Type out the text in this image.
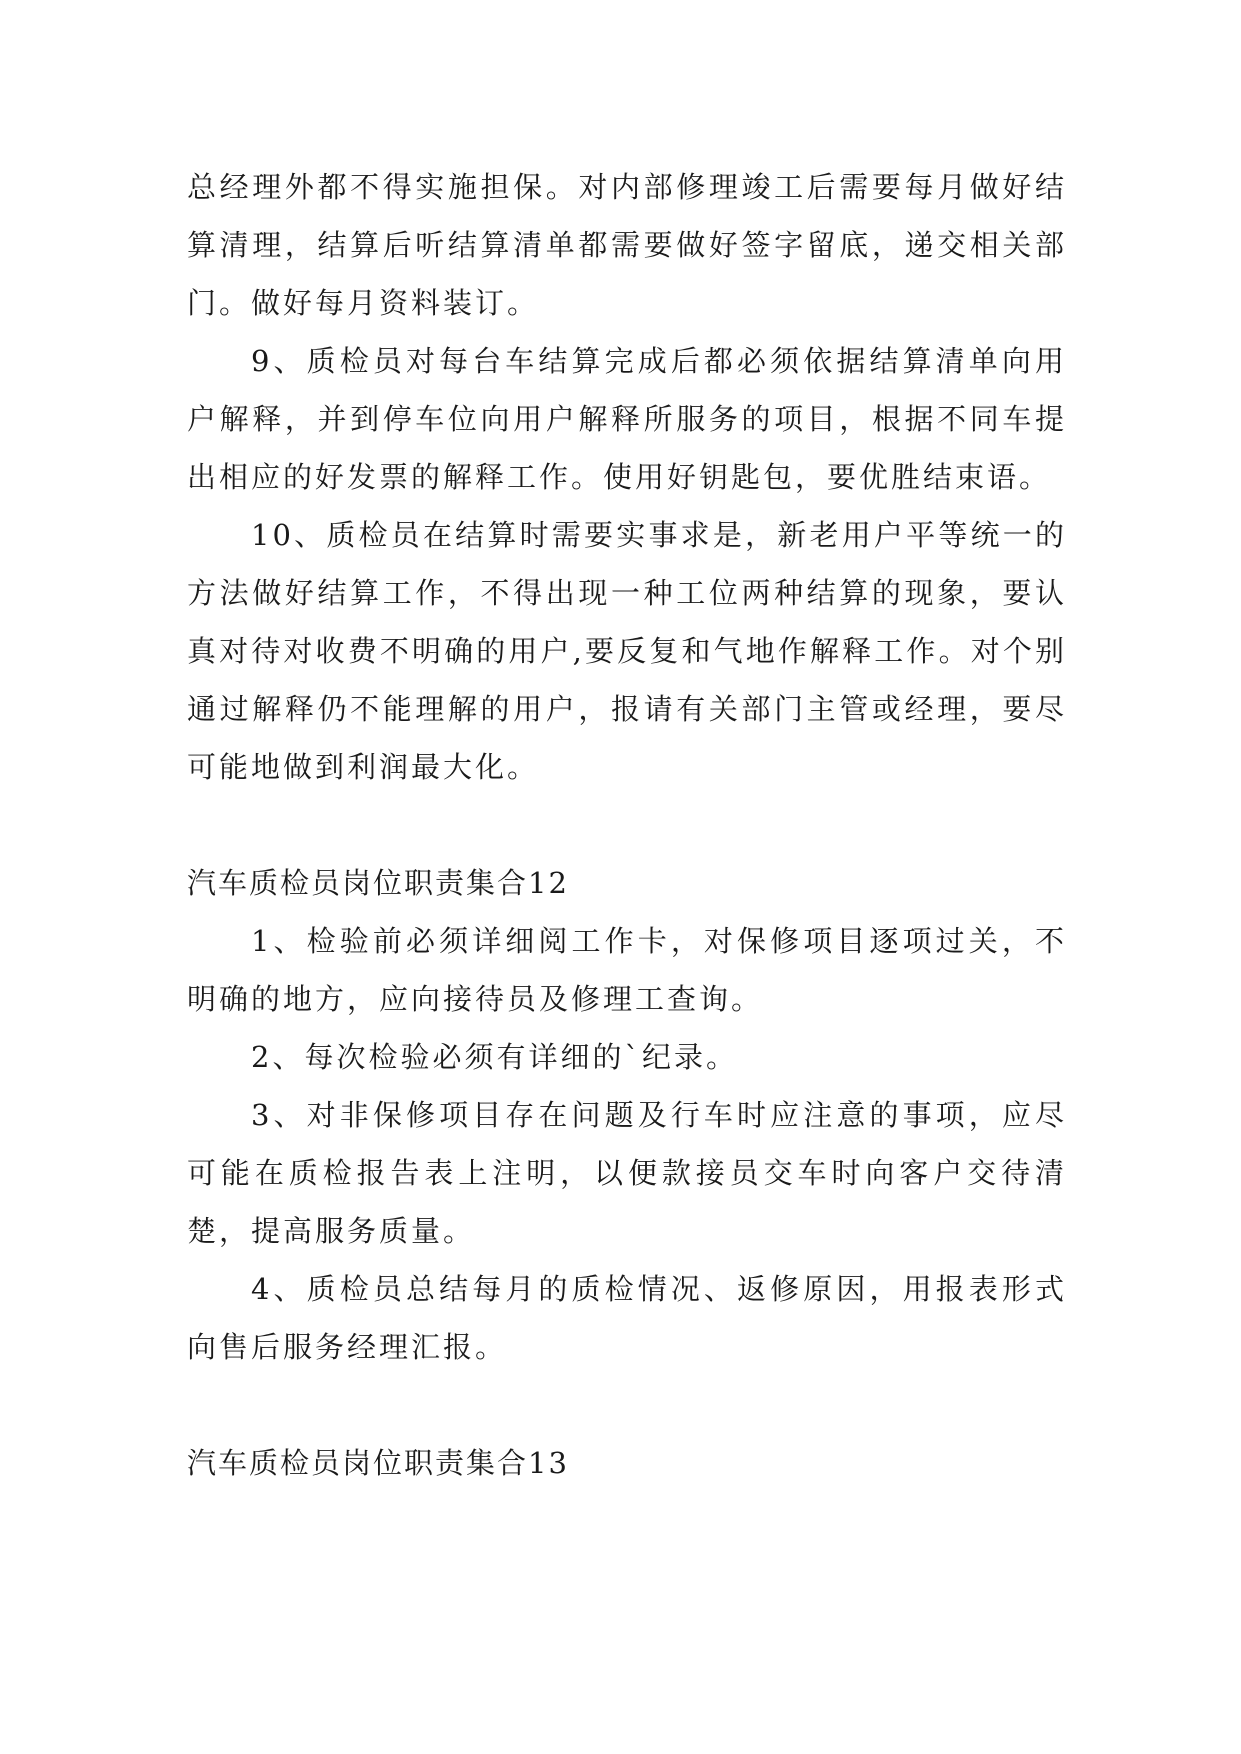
总经理外都不得实施担保。对内部修理竣工后需要每月做好结算清理，结算后听结算清单都需要做好签字留底，递交相关部门。做好每月资料装订。

9、质检员对每台车结算完成后都必须依据结算清单向用户解释，并到停车位向用户解释所服务的项目，根据不同车提出相应的好发票的解释工作。使用好钥匙包，要优胜结束语。

10、质检员在结算时需要实事求是，新老用户平等统一的方法做好结算工作，不得出现一种工位两种结算的现象，要认真对待对收费不明确的用户,要反复和气地作解释工作。对个别通过解释仍不能理解的用户，报请有关部门主管或经理，要尽可能地做到利润最大化。

汽车质检员岗位职责集合12

1、检验前必须详细阅工作卡，对保修项目逐项过关，不明确的地方，应向接待员及修理工查询。

2、每次检验必须有详细的`纪录。

3、对非保修项目存在问题及行车时应注意的事项，应尽可能在质检报告表上注明，以便款接员交车时向客户交待清楚，提高服务质量。

4、质检员总结每月的质检情况、返修原因，用报表形式向售后服务经理汇报。

汽车质检员岗位职责集合13
